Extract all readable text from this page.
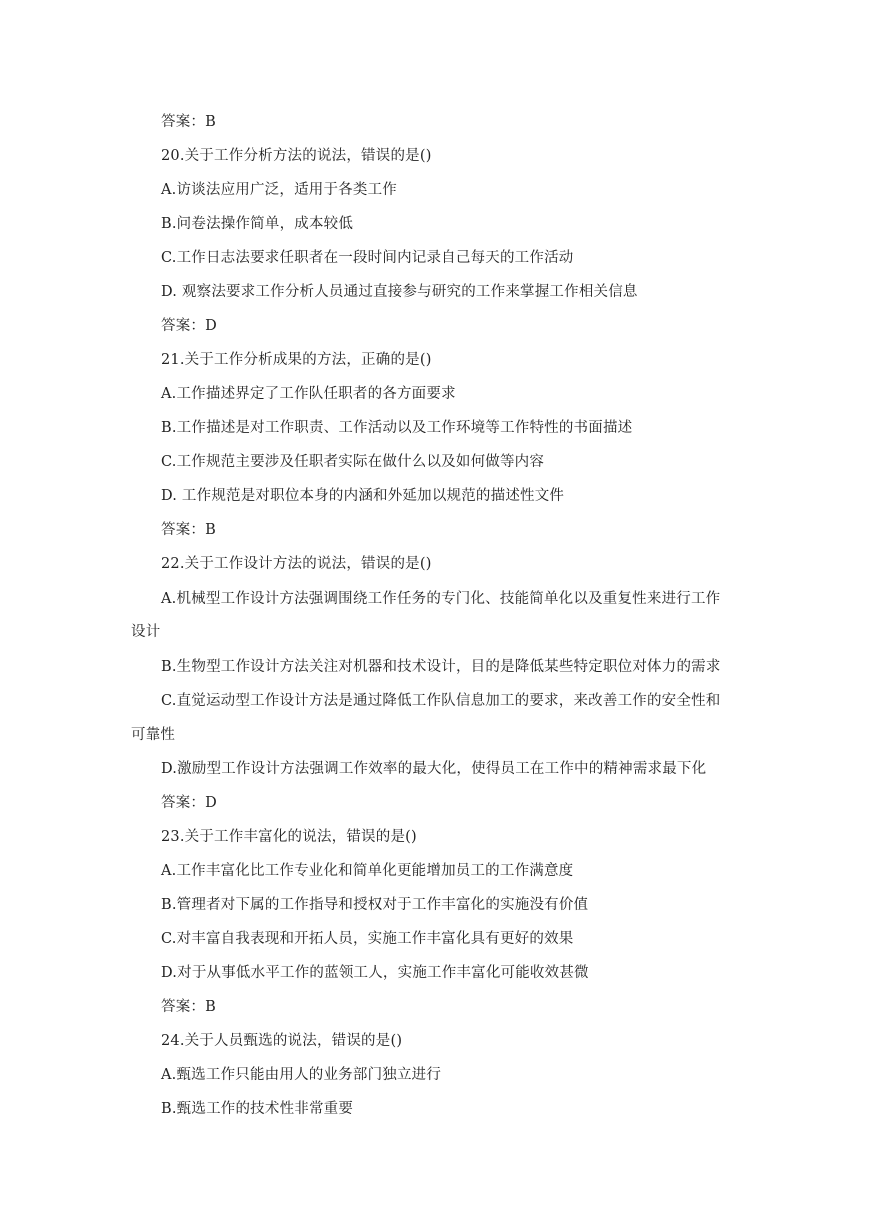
答案：B
20.关于工作分析方法的说法，错误的是()
A.访谈法应用广泛，适用于各类工作
B.问卷法操作简单，成本较低
C.工作日志法要求任职者在一段时间内记录自己每天的工作活动
D. 观察法要求工作分析人员通过直接参与研究的工作来掌握工作相关信息
答案：D
21.关于工作分析成果的方法，正确的是()
A.工作描述界定了工作队任职者的各方面要求
B.工作描述是对工作职责、工作活动以及工作环境等工作特性的书面描述
C.工作规范主要涉及任职者实际在做什么以及如何做等内容
D. 工作规范是对职位本身的内涵和外延加以规范的描述性文件
答案：B
22.关于工作设计方法的说法，错误的是()
A.机械型工作设计方法强调围绕工作任务的专门化、技能简单化以及重复性来进行工作
设计
B.生物型工作设计方法关注对机器和技术设计，目的是降低某些特定职位对体力的需求
C.直觉运动型工作设计方法是通过降低工作队信息加工的要求，来改善工作的安全性和
可靠性
D.激励型工作设计方法强调工作效率的最大化，使得员工在工作中的精神需求最下化
答案：D
23.关于工作丰富化的说法，错误的是()
A.工作丰富化比工作专业化和简单化更能增加员工的工作满意度
B.管理者对下属的工作指导和授权对于工作丰富化的实施没有价值
C.对丰富自我表现和开拓人员，实施工作丰富化具有更好的效果
D.对于从事低水平工作的蓝领工人，实施工作丰富化可能收效甚微
答案：B
24.关于人员甄选的说法，错误的是()
A.甄选工作只能由用人的业务部门独立进行
B.甄选工作的技术性非常重要
